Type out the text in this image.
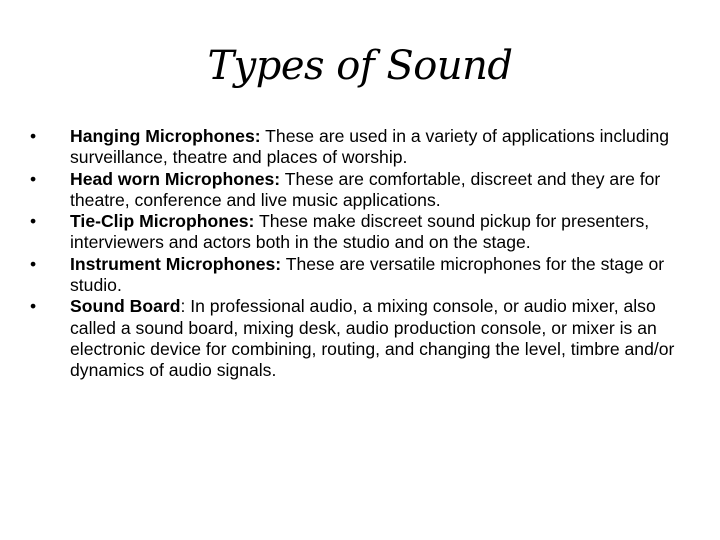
Types of Sound
•	Hanging Microphones: These are used in a variety of applications including surveillance, theatre and places of worship.
•	Head worn Microphones: These are comfortable, discreet and they are for theatre, conference and live music applications.
•	Tie-Clip Microphones: These make discreet sound pickup for presenters, interviewers and actors both in the studio and on the stage.
•	Instrument Microphones: These are versatile microphones for the stage or studio.
•	Sound Board: In professional audio, a mixing console, or audio mixer, also called a sound board, mixing desk, audio production console, or mixer is an electronic device for combining, routing, and changing the level, timbre and/or dynamics of audio signals.
